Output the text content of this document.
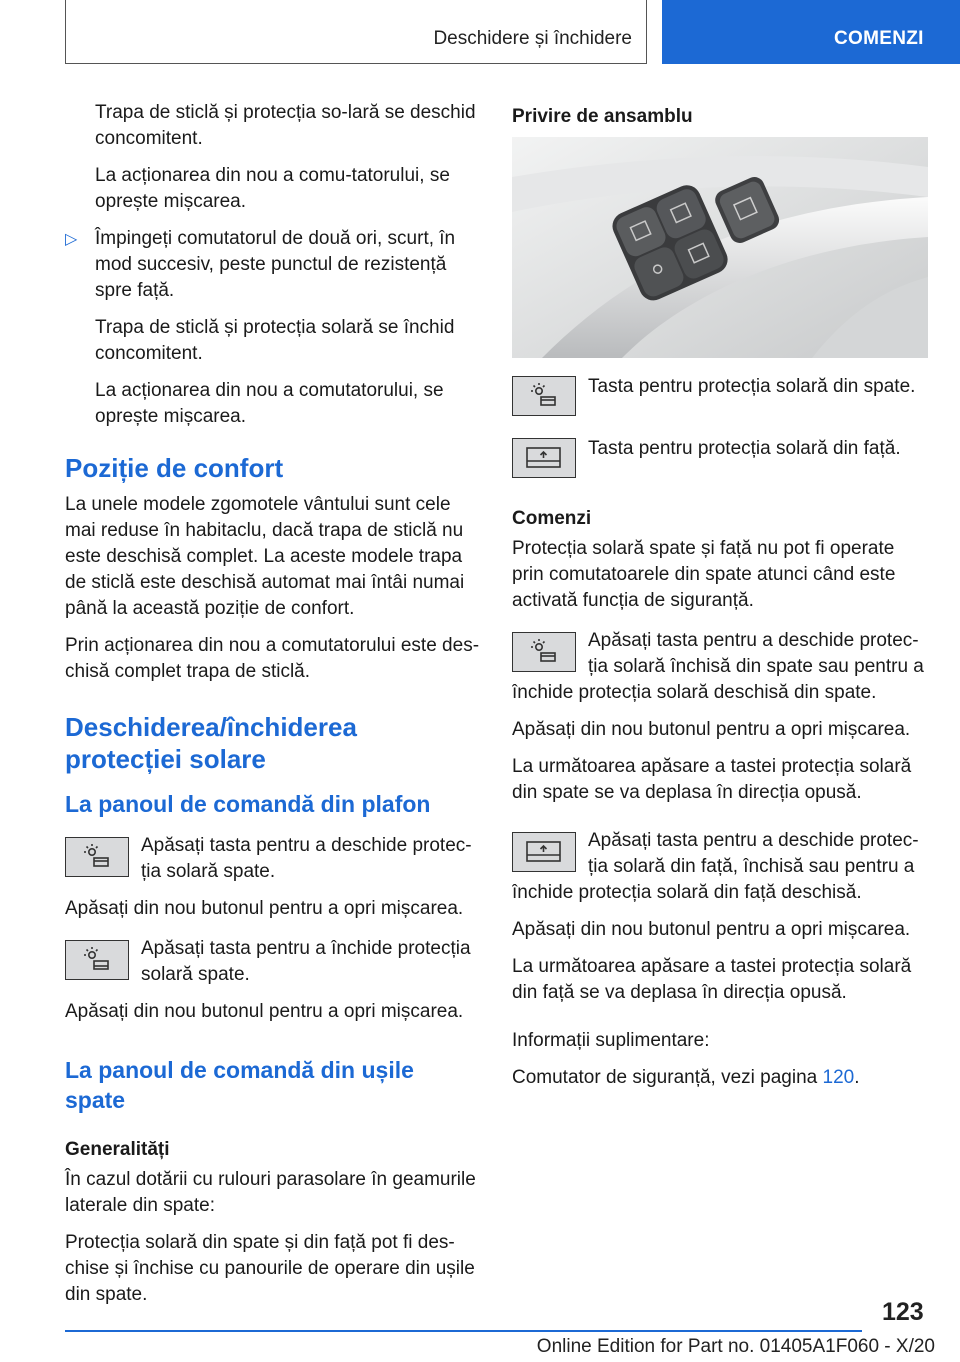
Deschidere și închidere	COMENZI

Trapa de sticlă și protecția so-lară se deschid concomitent.

La acționarea din nou a comu-tatorului, se oprește mișcarea.

▷ Împingeți comutatorul de două ori, scurt, în mod succesiv, peste punctul de rezistență spre față.

Trapa de sticlă și protecția solară se închid concomitent.

La acționarea din nou a comutatorului, se oprește mișcarea.

Poziție de confort

La unele modele zgomotele vântului sunt cele mai reduse în habitaclu, dacă trapa de sticlă nu este deschisă complet. La aceste modele trapa de sticlă este deschisă automat mai întâi numai până la această poziție de confort.

Prin acționarea din nou a comutatorului este des-chisă complet trapa de sticlă.

Deschiderea/închiderea protecției solare
La panoul de comandă din plafon

Apăsați tasta pentru a deschide protec-ția solară spate.

Apăsați din nou butonul pentru a opri mișcarea.

Apăsați tasta pentru a închide protecția solară spate.

Apăsați din nou butonul pentru a opri mișcarea.

La panoul de comandă din ușile spate
Generalități

În cazul dotării cu rulouri parasolare în geamurile laterale din spate:

Protecția solară din spate și din față pot fi des-chise și închise cu panourile de operare din ușile din spate.

Privire de ansamblu

Tasta pentru protecția solară din spate.

Tasta pentru protecția solară din față.

Comenzi

Protecția solară spate și față nu pot fi operate prin comutatoarele din spate atunci când este activată funcția de siguranță.

Apăsați tasta pentru a deschide protec-ția solară închisă din spate sau pentru a închide protecția solară deschisă din spate.

Apăsați din nou butonul pentru a opri mișcarea.

La următoarea apăsare a tastei protecția solară din spate se va deplasa în direcția opusă.

Apăsați tasta pentru a deschide protec-ția solară din față, închisă sau pentru a închide protecția solară din față deschisă.

Apăsați din nou butonul pentru a opri mișcarea.

La următoarea apăsare a tastei protecția solară din față se va deplasa în direcția opusă.

Informații suplimentare:

Comutator de siguranță, vezi pagina 120.

123
Online Edition for Part no. 01405A1F060 - X/20
